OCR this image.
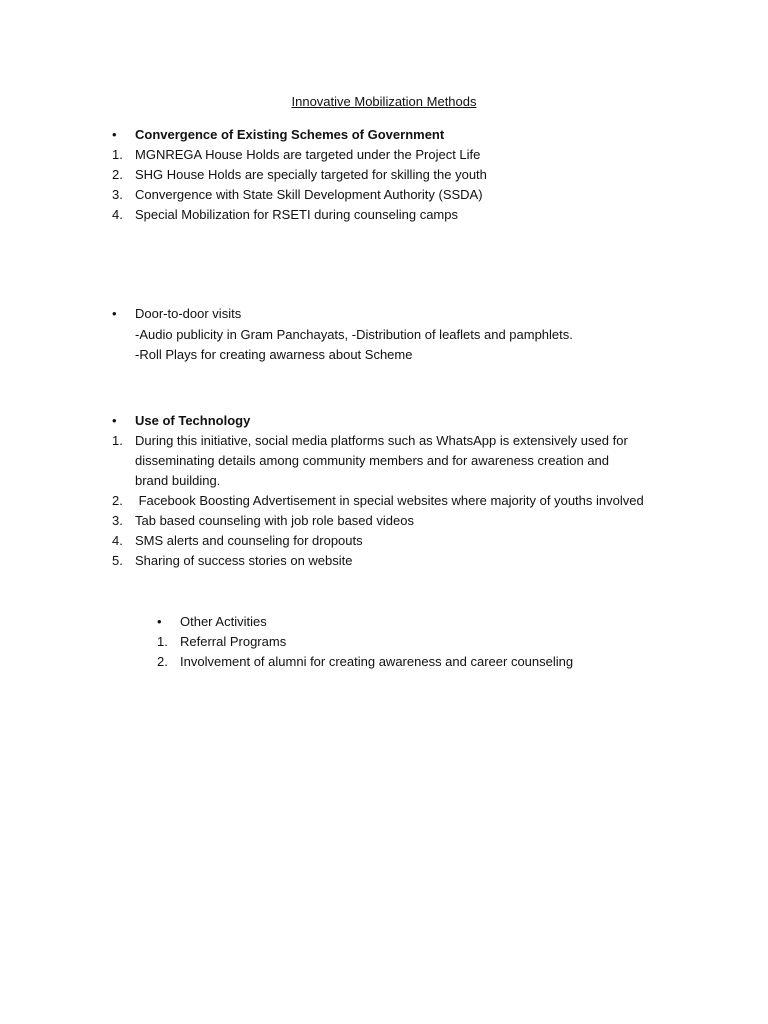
Innovative Mobilization Methods
•	Convergence of Existing Schemes of Government
1. MGNREGA House Holds are targeted under the Project Life
2. SHG House Holds are specially targeted for skilling the youth
3. Convergence with State Skill Development Authority (SSDA)
4. Special Mobilization for RSETI during counseling camps
•	Door-to-door visits
-Audio publicity in Gram Panchayats, -Distribution of leaflets and pamphlets.
-Roll Plays for creating awarness about Scheme
•	Use of Technology
1. During this initiative, social media platforms such as WhatsApp is extensively used for disseminating details among community members and for awareness creation and brand building.
2. Facebook Boosting Advertisement in special websites where majority of youths involved
3. Tab based counseling with job role based videos
4. SMS alerts and counseling for dropouts
5. Sharing of success stories on website
•	Other Activities
1. Referral Programs
2. Involvement of alumni for creating awareness and career counseling
